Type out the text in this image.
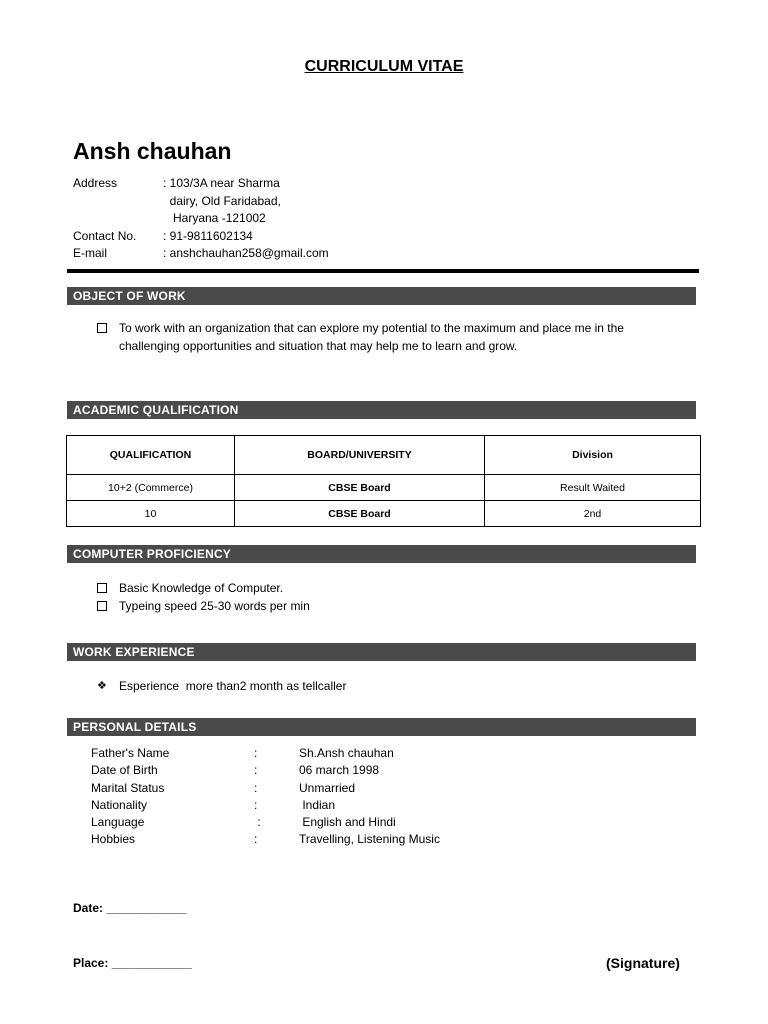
CURRICULUM VITAE
Ansh chauhan
Address	: 103/3A near Sharma
dairy, Old Faridabad,
Haryana -121002
Contact No.	: 91-9811602134
E-mail	: anshchauhan258@gmail.com
OBJECT OF WORK
To work with an organization that can explore my potential to the maximum and place me in the challenging opportunities and situation that may help me to learn and grow.
ACADEMIC QUALIFICATION
QUALIFICATION	BOARD/UNIVERSITY	Division
10+2 (Commerce)	CBSE Board	Result Waited
10	CBSE Board	2nd
COMPUTER PROFICIENCY
Basic Knowledge of Computer.
Typeing speed 25-30 words per min
WORK EXPERIENCE
❖ Esperience  more than2 month as tellcaller
PERSONAL DETAILS
Father's Name	:	Sh.Ansh chauhan
Date of Birth	:	06 march 1998
Marital Status	:	Unmarried
Nationality	:	Indian
Language	:	English and Hindi
Hobbies	:	Travelling, Listening Music
Date: ____________
Place: ____________	(Signature)
